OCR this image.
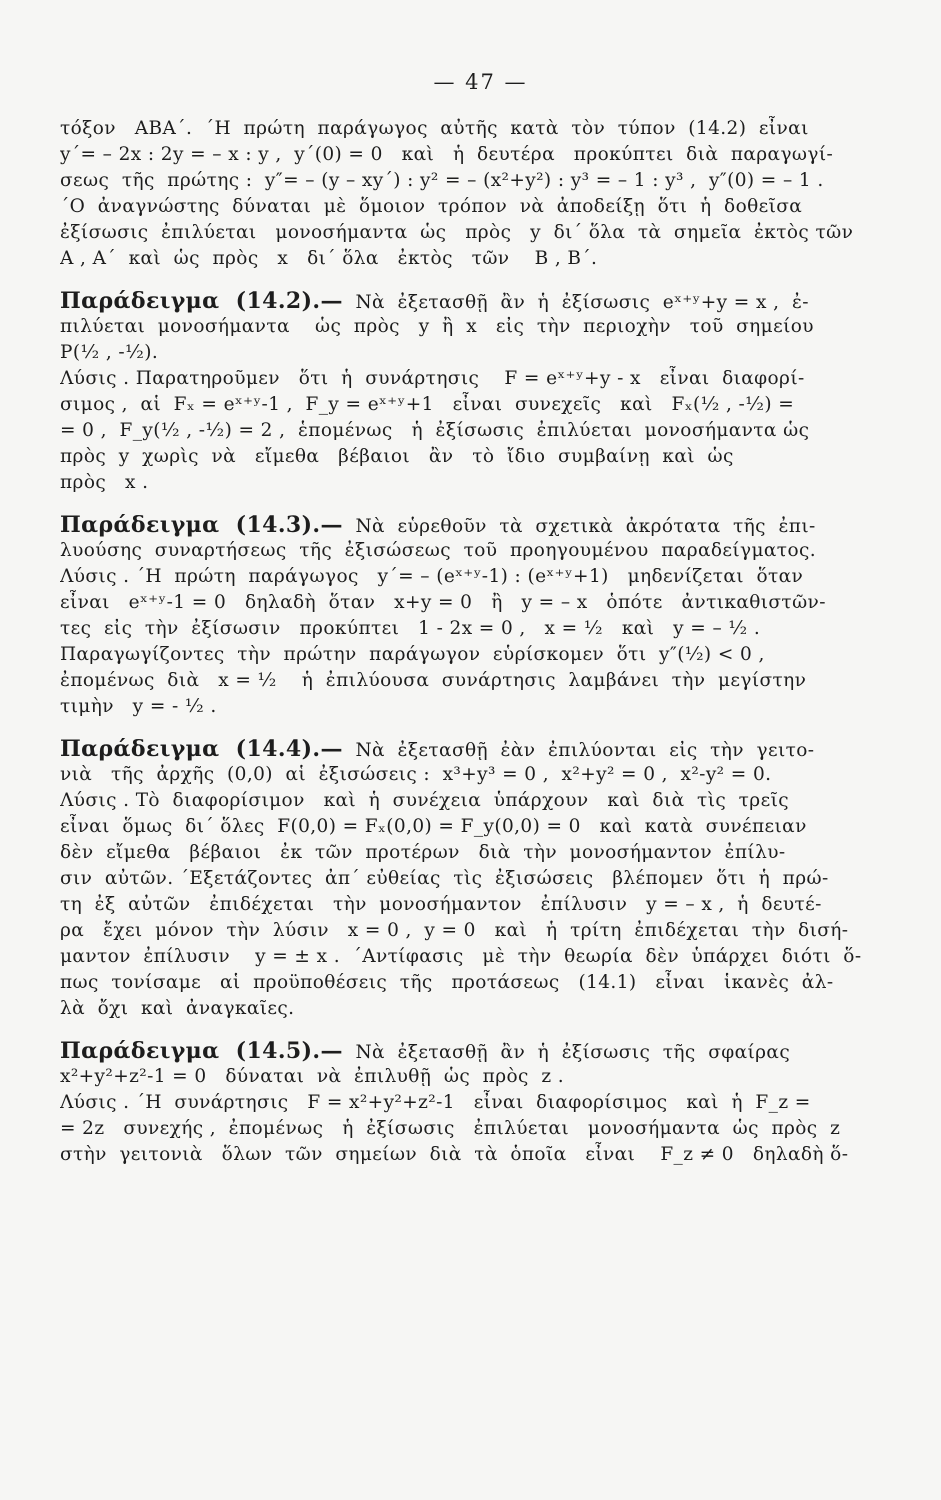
— 47 —
τόξον   ΑΒΑ΄.  ΄Η  πρώτη  παράγωγος  αὐτῆς  κατὰ  τὸν  τύπον  (14.2)  εἶναι
y΄= – 2x : 2y = – x : y ,  y΄(0) = 0   καὶ   ἡ  δευτέρα   προκύπτει  διὰ  παραγωγί-
σεως  τῆς  πρώτης :  y″= – (y – xy΄) : y² = – (x²+y²) : y³ = – 1 : y³ ,  y″(0) = – 1 .
΄Ο  ἀναγνώστης  δύναται  μὲ  ὅμοιον  τρόπον  νὰ  ἀποδείξῃ  ὅτι  ἡ  δοθεῖσα
ἐξίσωσις  ἐπιλύεται   μονοσήμαντα  ὡς   πρὸς   y  δι΄ ὅλα  τὰ  σημεῖα  ἐκτὸς τῶν
Α , Α΄  καὶ  ὡς  πρὸς   x   δι΄ ὅλα   ἐκτὸς   τῶν    Β , Β΄.
Παράδειγμα  (14.2).—  Νὰ  ἐξετασθῇ  ἂν  ἡ  ἐξίσωσις  eˣ⁺ʸ+y = x ,  ἐ-
πιλύεται  μονοσήμαντα    ὡς  πρὸς   y  ἢ  x   εἰς  τὴν  περιοχὴν   τοῦ  σημείου
Ρ(¹⁄₂ , -¹⁄₂).
Λύσις . Παρατηροῦμεν   ὅτι  ἡ  συνάρτησις    F = eˣ⁺ʸ+y - x   εἶναι  διαφορί-
σιμος ,  αἱ  Fₓ = eˣ⁺ʸ-1 ,  F_y = eˣ⁺ʸ+1   εἶναι  συνεχεῖς   καὶ   Fₓ(¹⁄₂ , -¹⁄₂) =
= 0 ,  F_y(¹⁄₂ , -¹⁄₂) = 2 ,  ἑπομένως   ἡ  ἐξίσωσις  ἐπιλύεται  μονοσήμαντα ὡς
πρὸς  y  χωρὶς  νὰ   εἴμεθα   βέβαιοι   ἂν   τὸ  ἴδιο  συμβαίνῃ  καὶ  ὡς
πρὸς   x .
Παράδειγμα  (14.3).—  Νὰ  εὑρεθοῦν  τὰ  σχετικὰ  ἀκρότατα  τῆς  ἐπι-
λυούσης  συναρτήσεως  τῆς  ἐξισώσεως  τοῦ  προηγουμένου  παραδείγματος.
Λύσις . ΄Η  πρώτη  παράγωγος   y΄= – (eˣ⁺ʸ-1) : (eˣ⁺ʸ+1)   μηδενίζεται  ὅταν
εἶναι   eˣ⁺ʸ-1 = 0   δηλαδὴ  ὅταν   x+y = 0   ἢ   y = – x   ὁπότε   ἀντικαθιστῶν-
τες  εἰς  τὴν  ἐξίσωσιν   προκύπτει   1 - 2x = 0 ,   x = ¹⁄₂   καὶ   y = – ¹⁄₂ .
Παραγωγίζοντες  τὴν  πρώτην  παράγωγον  εὑρίσκομεν  ὅτι  y″(¹⁄₂) < 0 ,
ἐπομένως  διὰ   x = ¹⁄₂    ἡ  ἐπιλύουσα  συνάρτησις  λαμβάνει  τὴν  μεγίστην
τιμὴν   y = - ¹⁄₂ .
Παράδειγμα  (14.4).—  Νὰ  ἐξετασθῇ  ἐὰν  ἐπιλύονται  εἰς  τὴν  γειτο-
νιὰ   τῆς  ἀρχῆς  (0,0)  αἱ  ἐξισώσεις :  x³+y³ = 0 ,  x²+y² = 0 ,  x²-y² = 0.
Λύσις . Τὸ  διαφορίσιμον   καὶ  ἡ  συνέχεια  ὑπάρχουν   καὶ  διὰ  τὶς  τρεῖς
εἶναι  ὅμως  δι΄ ὅλες  F(0,0) = Fₓ(0,0) = F_y(0,0) = 0   καὶ  κατὰ  συνέπειαν
δὲν  εἴμεθα   βέβαιοι   ἐκ  τῶν  προτέρων   διὰ  τὴν  μονοσήμαντον  ἐπίλυ-
σιν  αὐτῶν. ΄Εξετάζοντες  ἀπ΄ εὐθείας  τὶς  ἐξισώσεις   βλέπομεν  ὅτι  ἡ  πρώ-
τη  ἐξ  αὐτῶν   ἐπιδέχεται   τὴν  μονοσήμαντον   ἐπίλυσιν   y = – x ,  ἡ  δευτέ-
ρα   ἔχει  μόνον  τὴν  λύσιν   x = 0 ,  y = 0   καὶ   ἡ  τρίτη  ἐπιδέχεται  τὴν  δισή-
μαντον  ἐπίλυσιν    y = ± x .  ΄Αντίφασις   μὲ  τὴν  θεωρία  δὲν  ὑπάρχει  διότι  ὅ-
πως  τονίσαμε   αἱ  προϋποθέσεις  τῆς   προτάσεως   (14.1)   εἶναι   ἱκανὲς  ἀλ-
λὰ  ὄχι  καὶ  ἀναγκαῖες.
Παράδειγμα  (14.5).—  Νὰ  ἐξετασθῇ  ἂν  ἡ  ἐξίσωσις  τῆς  σφαίρας
x²+y²+z²-1 = 0   δύναται  νὰ  ἐπιλυθῇ  ὡς  πρὸς  z .
Λύσις . ΄Η  συνάρτησις   F = x²+y²+z²-1   εἶναι  διαφορίσιμος   καὶ  ἡ  F_z =
= 2z   συνεχής ,  ἐπομένως   ἡ  ἐξίσωσις   ἐπιλύεται   μονοσήμαντα  ὡς  πρὸς  z
στὴν  γειτονιὰ   ὅλων  τῶν  σημείων  διὰ  τὰ  ὁποῖα   εἶναι    F_z ≠ 0   δηλαδὴ ὅ-
